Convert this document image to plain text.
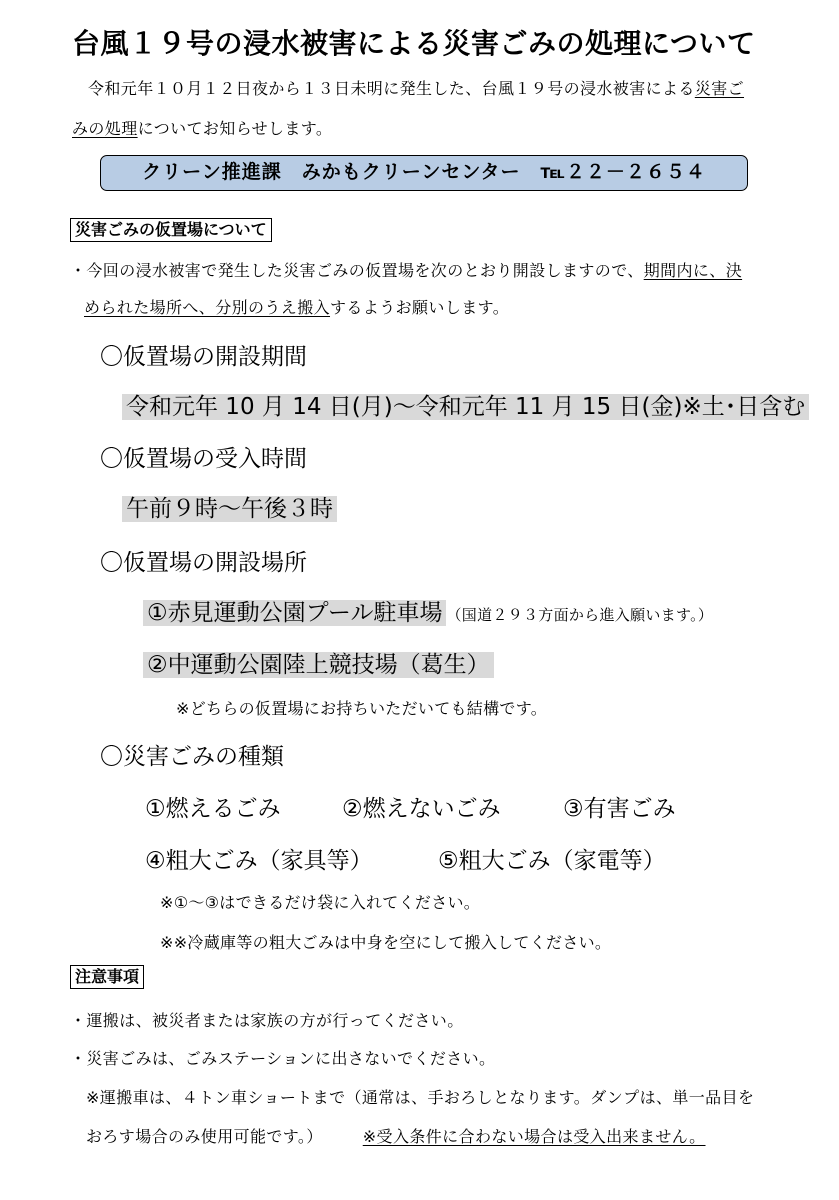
台風１９号の浸水被害による災害ごみの処理について
令和元年１０月１２日夜から１３日未明に発生した、台風１９号の浸水被害による災害ご
みの処理についてお知らせします。
クリーン推進課　みかもクリーンセンター　℡２２－２６５４
災害ごみの仮置場について
・今回の浸水被害で発生した災害ごみの仮置場を次のとおり開設しますので、期間内に、決
められた場所へ、分別のうえ搬入するようお願いします。
〇仮置場の開設期間
令和元年 10 月 14 日(月)～令和元年 11 月 15 日(金)※土･日含む
〇仮置場の受入時間
午前９時～午後３時
〇仮置場の開設場所
①赤見運動公園プール駐車場 （国道２９３方面から進入願います。）
②中運動公園陸上競技場（葛生）
※どちらの仮置場にお持ちいただいても結構です。
〇災害ごみの種類
①燃えるごみ	②燃えないごみ	③有害ごみ
④粗大ごみ（家具等）	⑤粗大ごみ（家電等）
※①～③はできるだけ袋に入れてください。
※※冷蔵庫等の粗大ごみは中身を空にして搬入してください。
注意事項
・運搬は、被災者または家族の方が行ってください。
・災害ごみは、ごみステーションに出さないでください。
※運搬車は、４トン車ショートまで（通常は、手おろしとなります。ダンプは、単一品目を
おろす場合のみ使用可能です。）	※受入条件に合わない場合は受入出来ません。
